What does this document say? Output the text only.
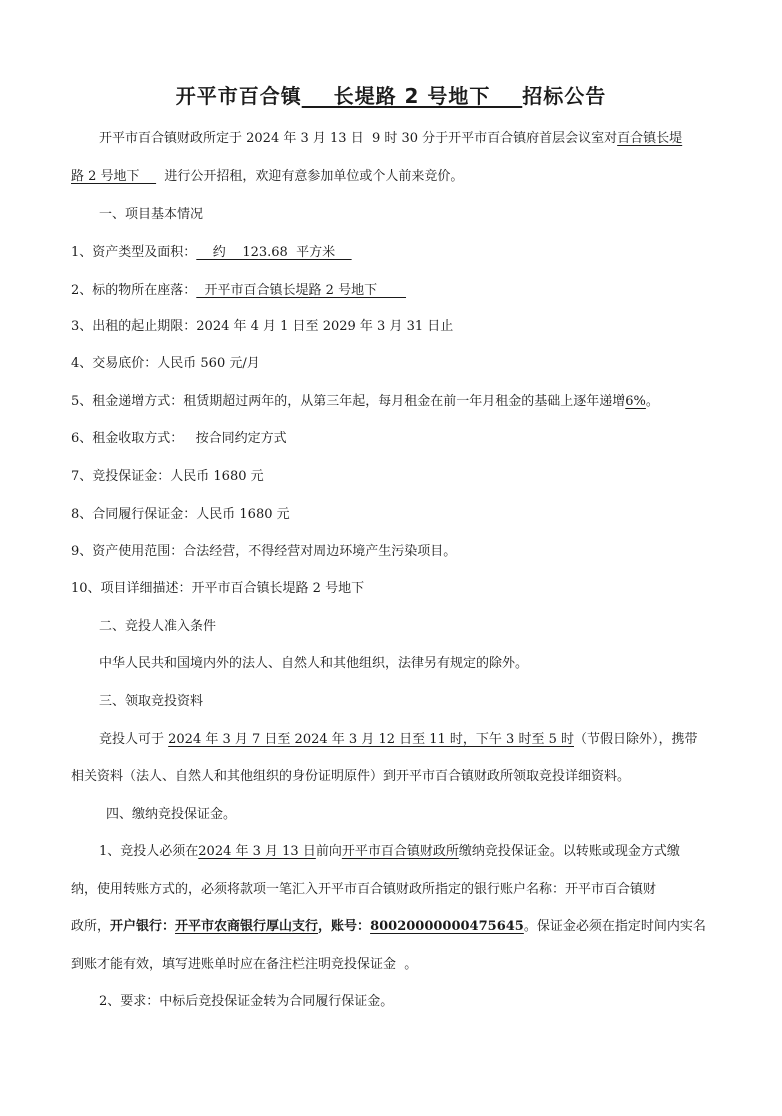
开平市百合镇    长堤路 2 号地下    招标公告
开平市百合镇财政所定于 2024 年 3 月 13 日  9 时 30 分于开平市百合镇府首层会议室对百合镇长堤
路 2 号地下      进行公开招租，欢迎有意参加单位或个人前来竞价。
一、项目基本情况
1、资产类型及面积：    约    123.68  平方米
2、标的物所在座落：  开平市百合镇长堤路 2 号地下
3、出租的起止期限：2024 年 4 月 1 日至 2029 年 3 月 31 日止
4、交易底价：人民币 560 元/月
5、租金递增方式：租赁期超过两年的，从第三年起，每月租金在前一年月租金的基础上逐年递增6%。
6、租金收取方式：   按合同约定方式
7、竞投保证金：人民币 1680 元
8、合同履行保证金：人民币 1680 元
9、资产使用范围：合法经营，不得经营对周边环境产生污染项目。
10、项目详细描述：开平市百合镇长堤路 2 号地下
二、竞投人准入条件
中华人民共和国境内外的法人、自然人和其他组织，法律另有规定的除外。
三、领取竞投资料
竞投人可于 2024 年 3 月 7 日至 2024 年 3 月 12 日至 11 时，下午 3 时至 5 时（节假日除外），携带
相关资料（法人、自然人和其他组织的身份证明原件）到开平市百合镇财政所领取竞投详细资料。
四、缴纳竞投保证金。
1、竞投人必须在2024 年 3 月 13 日前向开平市百合镇财政所缴纳竞投保证金。以转账或现金方式缴
纳，使用转账方式的，必须将款项一笔汇入开平市百合镇财政所指定的银行账户名称：开平市百合镇财
政所，开户银行：开平市农商银行厚山支行，账号：80020000000475645。保证金必须在指定时间内实名
到账才能有效，填写进账单时应在备注栏注明竞投保证金  。
2、要求：中标后竞投保证金转为合同履行保证金。
